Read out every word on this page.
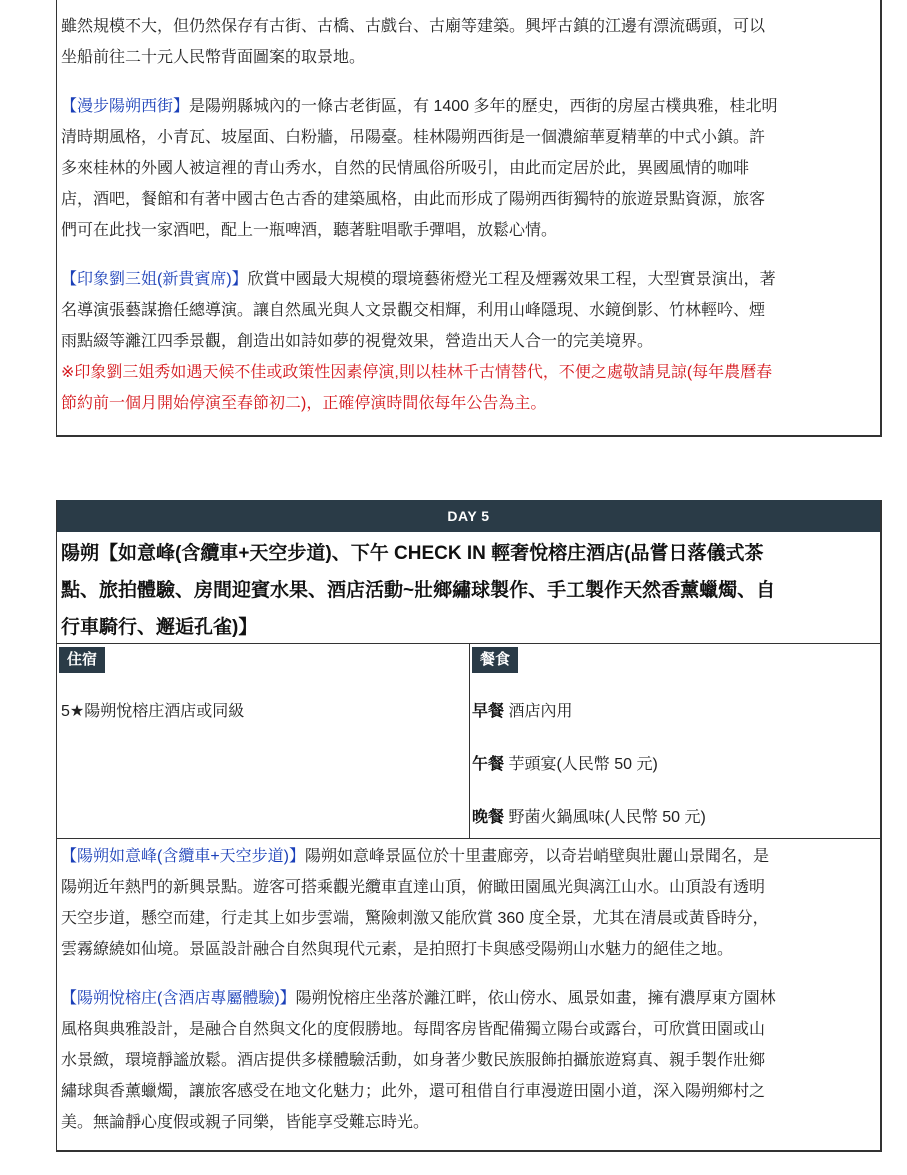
雖然規模不大，但仍然保存有古街、古橋、古戲台、古廟等建築。興坪古鎮的江邊有漂流碼頭，可以

坐船前往二十元人民幣背面圖案的取景地。

【漫步陽朔西街】是陽朔縣城內的一條古老街區，有 1400 多年的歷史，西街的房屋古樸典雅，桂北明

清時期風格，小青瓦、坡屋面、白粉牆，吊陽臺。桂林陽朔西街是一個濃縮華夏精華的中式小鎮。許

多來桂林的外國人被這裡的青山秀水，自然的民情風俗所吸引，由此而定居於此，異國風情的咖啡

店，酒吧，餐館和有著中國古色古香的建築風格，由此而形成了陽朔西街獨特的旅遊景點資源，旅客

們可在此找一家酒吧，配上一瓶啤酒，聽著駐唱歌手彈唱，放鬆心情。

【印象劉三姐(新貴賓席)】欣賞中國最大規模的環境藝術燈光工程及煙霧效果工程，大型實景演出，著

名導演張藝謀擔任總導演。讓自然風光與人文景觀交相輝，利用山峰隱現、水鏡倒影、竹林輕吟、煙

雨點綴等灕江四季景觀，創造出如詩如夢的視覺效果，營造出天人合一的完美境界。

※印象劉三姐秀如遇天候不佳或政策性因素停演,則以桂林千古情替代，不便之處敬請見諒(每年農曆春

節約前一個月開始停演至春節初二)，正確停演時間依每年公告為主。

DAY 5
陽朔【如意峰(含纜車+天空步道)、下午 CHECK IN 輕奢悅榕庄酒店(品嘗日落儀式茶
點、旅拍體驗、房間迎賓水果、酒店活動~壯鄉繡球製作、手工製作天然香薰蠟燭、自
行車騎行、邂逅孔雀)】
住宿
5★陽朔悅榕庄酒店或同級
餐食
早餐 酒店內用
午餐 芋頭宴(人民幣 50 元)
晚餐 野菌火鍋風味(人民幣 50 元)

【陽朔如意峰(含纜車+天空步道)】陽朔如意峰景區位於十里畫廊旁，以奇岩峭壁與壯麗山景聞名，是

陽朔近年熱門的新興景點。遊客可搭乘觀光纜車直達山頂，俯瞰田園風光與漓江山水。山頂設有透明

天空步道，懸空而建，行走其上如步雲端，驚險刺激又能欣賞 360 度全景，尤其在清晨或黃昏時分，

雲霧繚繞如仙境。景區設計融合自然與現代元素，是拍照打卡與感受陽朔山水魅力的絕佳之地。

【陽朔悅榕庄(含酒店專屬體驗)】陽朔悅榕庄坐落於灕江畔，依山傍水、風景如畫，擁有濃厚東方園林

風格與典雅設計，是融合自然與文化的度假勝地。每間客房皆配備獨立陽台或露台，可欣賞田園或山

水景緻，環境靜謐放鬆。酒店提供多樣體驗活動，如身著少數民族服飾拍攝旅遊寫真、親手製作壯鄉

繡球與香薰蠟燭，讓旅客感受在地文化魅力；此外，還可租借自行車漫遊田園小道，深入陽朔鄉村之

美。無論靜心度假或親子同樂，皆能享受難忘時光。
